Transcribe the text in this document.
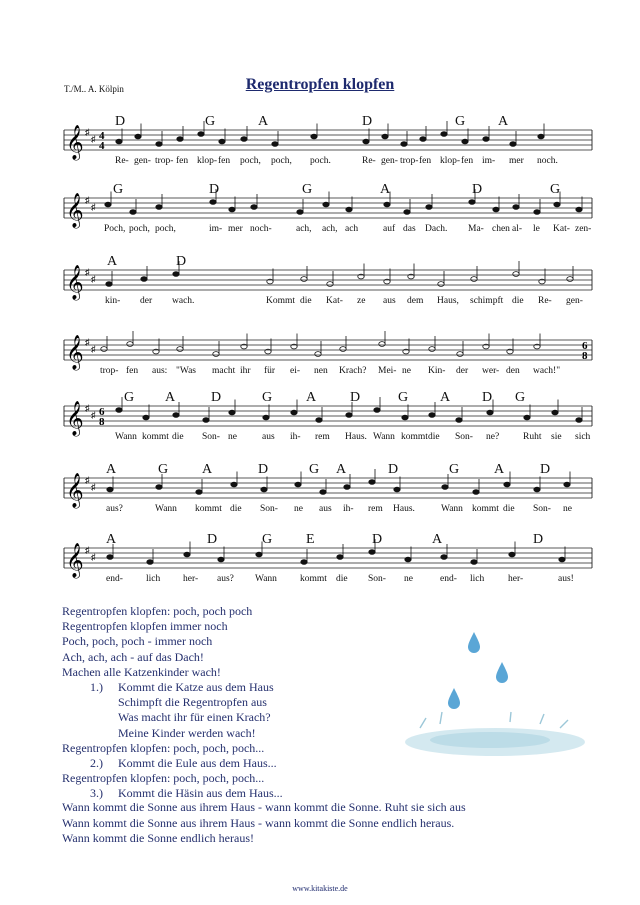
T./M.. A. Kölpin	Regentropfen klopfen
𝄞 ♯
♯ 4
4
D	G	A	D	G A
Re- gen- trop- fen klop- fen poch, poch, poch.	Re- gen- trop- fen klop- fen im- mer noch.
𝄞 ♯
♯
G	D	G	A	D	G
Poch, poch, poch,	im- mer noch-	ach, ach, ach	auf das Dach. Ma- chen al- le Kat- zen-
𝄞 ♯
♯
A	D
kin- der wach.	Kommt die Kat- ze aus dem Haus, schimpft die Re- gen-
𝄞 ♯
♯	6
8
trop- fen aus: "Was macht ihr für ei- nen Krach? Mei- ne Kin- der wer- den wach!"
𝄞 ♯
♯ 6
8
G A	D	G A D	G A D G
Wann kommt die Son- ne	aus ih- rem Haus. Wann kommt die Son- ne?	Ruht sie sich
𝄞 ♯
♯
A	G A	D	G A	D	G A	D
aus?	Wann kommt die Son- ne aus ih- rem Haus.	Wann kommt die Son- ne
𝄞 ♯
♯
A	D	G E	D	A	D
end- lich her- aus? Wann kommt die Son- ne	end- lich	her-	aus!
Regentropfen klopfen: poch, poch poch
Regentropfen klopfen immer noch
Poch, poch, poch - immer noch
Ach, ach, ach - auf das Dach!
Machen alle Katzenkinder wach!
1.) Kommt die Katze aus dem Haus
Schimpft die Regentropfen aus
Was macht ihr für einen Krach?
Meine Kinder werden wach!
Regentropfen klopfen: poch, poch, poch...
2.) Kommt die Eule aus dem Haus...
Regentropfen klopfen: poch, poch, poch...
3.) Kommt die Häsin aus dem Haus...
Wann kommt die Sonne aus ihrem Haus - wann kommt die Sonne. Ruht sie sich aus
Wann kommt die Sonne aus ihrem Haus - wann kommt die Sonne endlich heraus.
Wann kommt die Sonne endlich heraus!
www.kitakiste.de
